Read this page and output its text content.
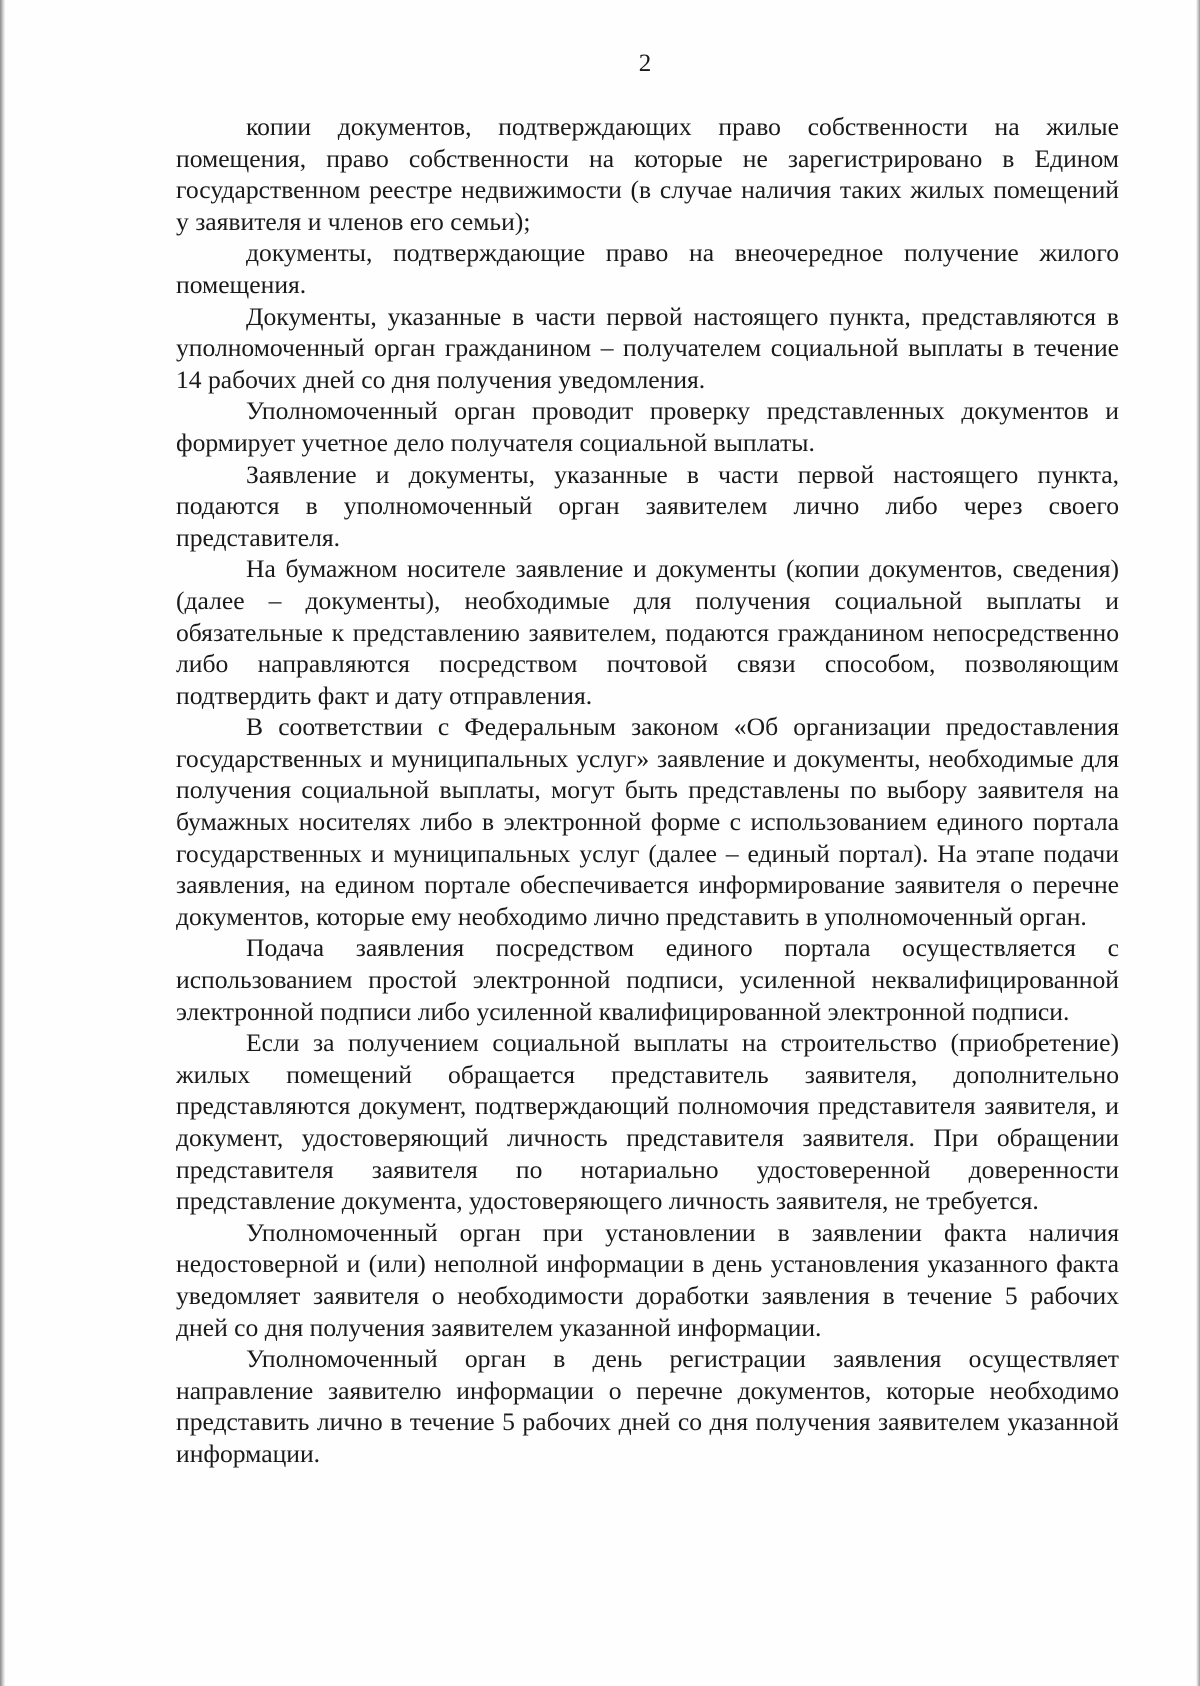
2

копии документов, подтверждающих право собственности на жилые помещения, право собственности на которые не зарегистрировано в Едином государственном реестре недвижимости (в случае наличия таких жилых помещений у заявителя и членов его семьи);

документы, подтверждающие право на внеочередное получение жилого помещения.

Документы, указанные в части первой настоящего пункта, представляются в уполномоченный орган гражданином – получателем социальной выплаты в течение 14 рабочих дней со дня получения уведомления.

Уполномоченный орган проводит проверку представленных документов и формирует учетное дело получателя социальной выплаты.

Заявление и документы, указанные в части первой настоящего пункта, подаются в уполномоченный орган заявителем лично либо через своего представителя.

На бумажном носителе заявление и документы (копии документов, сведения) (далее – документы), необходимые для получения социальной выплаты и обязательные к представлению заявителем, подаются гражданином непосредственно либо направляются посредством почтовой связи способом, позволяющим подтвердить факт и дату отправления.

В соответствии с Федеральным законом «Об организации предоставления государственных и муниципальных услуг» заявление и документы, необходимые для получения социальной выплаты, могут быть представлены по выбору заявителя на бумажных носителях либо в электронной форме с использованием единого портала государственных и муниципальных услуг (далее – единый портал). На этапе подачи заявления, на едином портале обеспечивается информирование заявителя о перечне документов, которые ему необходимо лично представить в уполномоченный орган.

Подача заявления посредством единого портала осуществляется с использованием простой электронной подписи, усиленной неквалифицированной электронной подписи либо усиленной квалифицированной электронной подписи.

Если за получением социальной выплаты на строительство (приобретение) жилых помещений обращается представитель заявителя, дополнительно представляются документ, подтверждающий полномочия представителя заявителя, и документ, удостоверяющий личность представителя заявителя. При обращении представителя заявителя по нотариально удостоверенной доверенности представление документа, удостоверяющего личность заявителя, не требуется.

Уполномоченный орган при установлении в заявлении факта наличия недостоверной и (или) неполной информации в день установления указанного факта уведомляет заявителя о необходимости доработки заявления в течение 5 рабочих дней со дня получения заявителем указанной информации.

Уполномоченный орган в день регистрации заявления осуществляет направление заявителю информации о перечне документов, которые необходимо представить лично в течение 5 рабочих дней со дня получения заявителем указанной информации.
